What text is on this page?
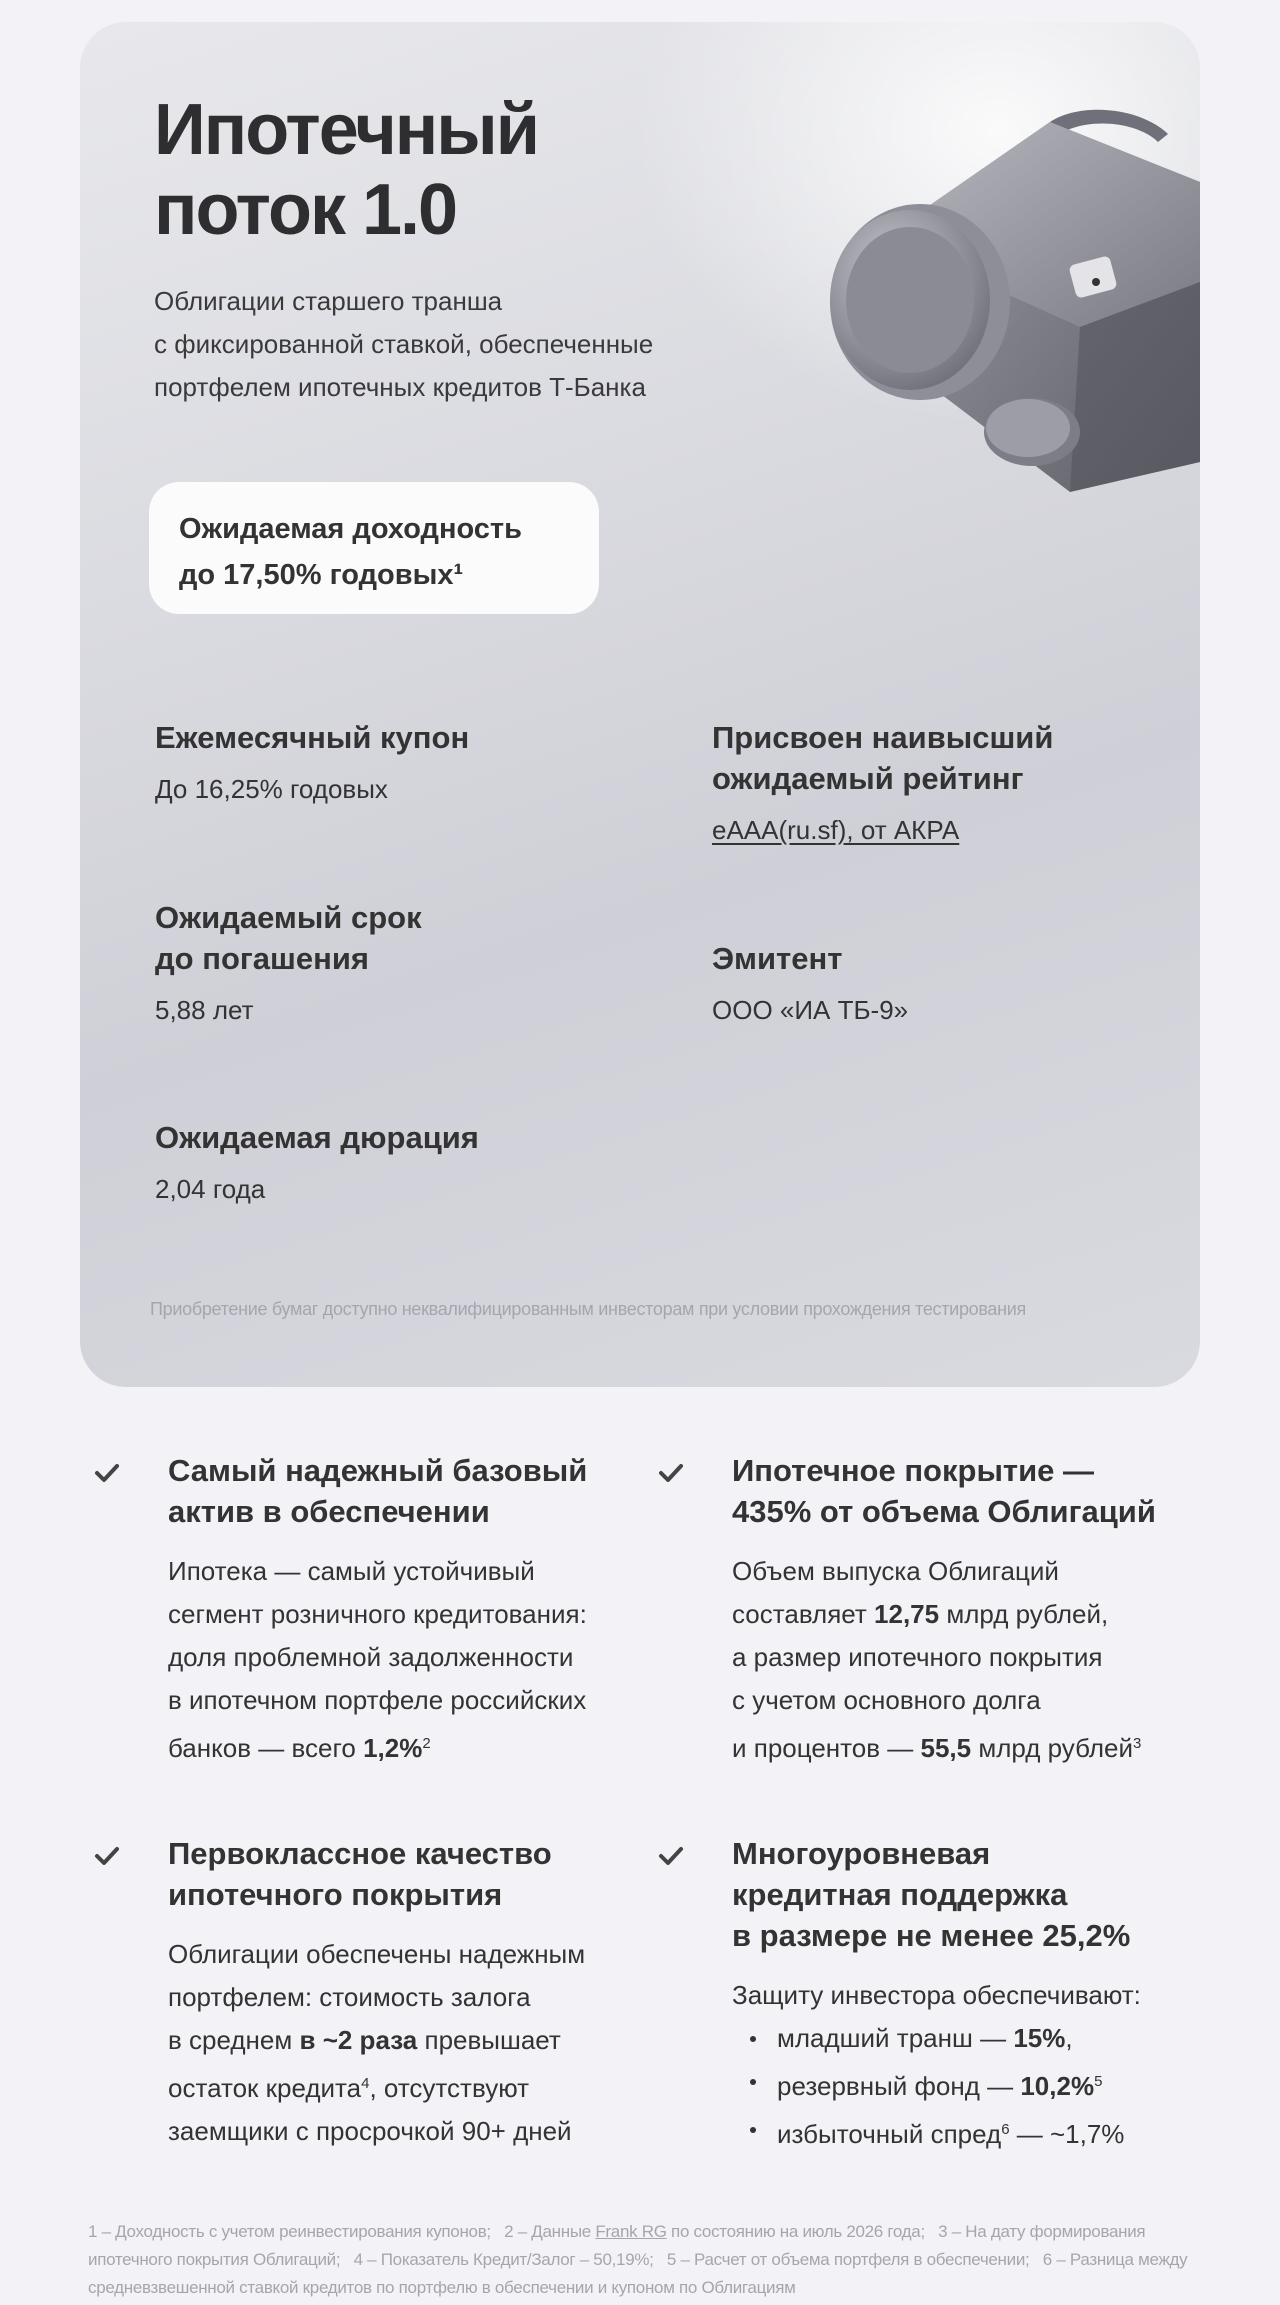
Ипотечный
поток 1.0

Облигации старшего транша
с фиксированной ставкой, обеспеченные
портфелем ипотечных кредитов Т-Банка

Ожидаемая доходность
до 17,50% годовых¹
Ежемесячный купон
До 16,25% годовых
Присвоен наивысший
ожидаемый рейтинг
eAAA(ru.sf), от АКРА
Ожидаемый срок
до погашения
5,88 лет
Эмитент
ООО «ИА ТБ-9»
Ожидаемая дюрация
2,04 года
Приобретение бумаг доступно неквалифицированным инвесторам при условии прохождения тестирования
Самый надежный базовый
актив в обеспечении
Ипотека — самый устойчивый
сегмент розничного кредитования:
доля проблемной задолженности
в ипотечном портфеле российских
банков — всего 1,2%$^2$
Ипотечное покрытие —
435% от объема Облигаций
Объем выпуска Облигаций
составляет 12,75 млрд рублей,
а размер ипотечного покрытия
с учетом основного долга
и процентов — 55,5 млрд рублей$^3$
Первоклассное качество
ипотечного покрытия
Облигации обеспечены надежным
портфелем: стоимость залога
в среднем в ~2 раза превышает
остаток кредита$^4$, отсутствуют
заемщики с просрочкой 90+ дней
Многоуровневая
кредитная поддержка
в размере не менее 25,2%
Защиту инвестора обеспечивают:
младший транш — 15%,
резервный фонд — 10,2%$^5$
избыточный спред$^6$ — ~1,7%
1 – Доходность с учетом реинвестирования купонов; 2 – Данные Frank RG по состоянию на июль 2026 года; 3 – На дату формирования ипотечного покрытия Облигаций; 4 – Показатель Кредит/Залог – 50,19%; 5 – Расчет от объема портфеля в обеспечении; 6 – Разница между средневзвешенной ставкой кредитов по портфелю в обеспечении и купоном по Облигациям
